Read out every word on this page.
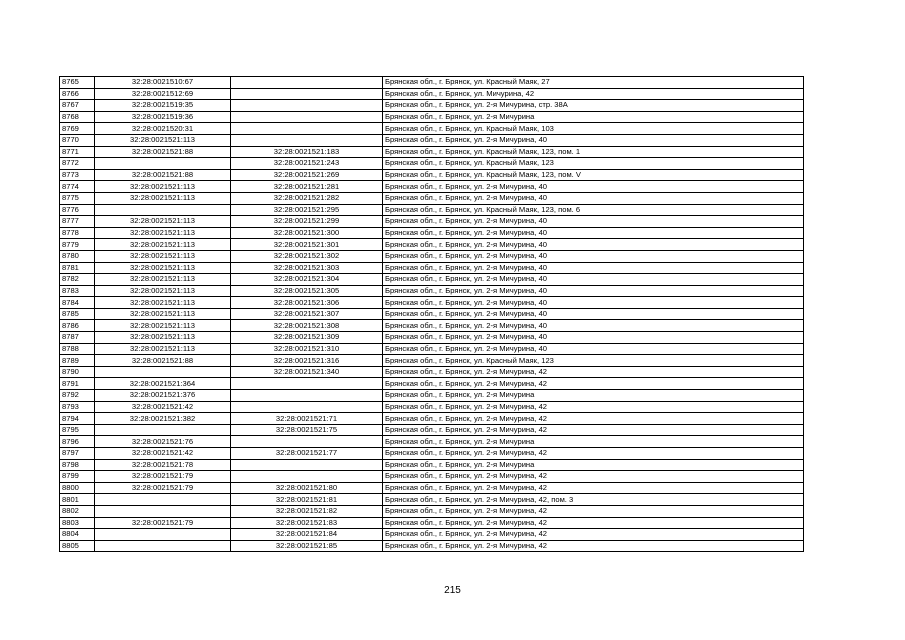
8765	32:28:0021510:67		Брянская обл., г. Брянск, ул. Красный Маяк, 27
8766	32:28:0021512:69		Брянская обл., г. Брянск, ул. Мичурина, 42
8767	32:28:0021519:35		Брянская обл., г. Брянск, ул. 2-я Мичурина, стр. 38А
8768	32:28:0021519:36		Брянская обл., г. Брянск, ул. 2-я Мичурина
8769	32:28:0021520:31		Брянская обл., г. Брянск, ул. Красный Маяк, 103
8770	32:28:0021521:113		Брянская обл., г. Брянск, ул. 2-я Мичурина, 40
8771	32:28:0021521:88	32:28:0021521:183	Брянская обл., г. Брянск, ул. Красный Маяк, 123, пом. 1
8772		32:28:0021521:243	Брянская обл., г. Брянск, ул. Красный Маяк, 123
8773	32:28:0021521:88	32:28:0021521:269	Брянская обл., г. Брянск, ул. Красный Маяк, 123, пом. V
8774	32:28:0021521:113	32:28:0021521:281	Брянская обл., г. Брянск, ул. 2-я Мичурина, 40
8775	32:28:0021521:113	32:28:0021521:282	Брянская обл., г. Брянск, ул. 2-я Мичурина, 40
8776		32:28:0021521:295	Брянская обл., г. Брянск, ул. Красный Маяк, 123, пом. 6
8777	32:28:0021521:113	32:28:0021521:299	Брянская обл., г. Брянск, ул. 2-я Мичурина, 40
8778	32:28:0021521:113	32:28:0021521:300	Брянская обл., г. Брянск, ул. 2-я Мичурина, 40
8779	32:28:0021521:113	32:28:0021521:301	Брянская обл., г. Брянск, ул. 2-я Мичурина, 40
8780	32:28:0021521:113	32:28:0021521:302	Брянская обл., г. Брянск, ул. 2-я Мичурина, 40
8781	32:28:0021521:113	32:28:0021521:303	Брянская обл., г. Брянск, ул. 2-я Мичурина, 40
8782	32:28:0021521:113	32:28:0021521:304	Брянская обл., г. Брянск, ул. 2-я Мичурина, 40
8783	32:28:0021521:113	32:28:0021521:305	Брянская обл., г. Брянск, ул. 2-я Мичурина, 40
8784	32:28:0021521:113	32:28:0021521:306	Брянская обл., г. Брянск, ул. 2-я Мичурина, 40
8785	32:28:0021521:113	32:28:0021521:307	Брянская обл., г. Брянск, ул. 2-я Мичурина, 40
8786	32:28:0021521:113	32:28:0021521:308	Брянская обл., г. Брянск, ул. 2-я Мичурина, 40
8787	32:28:0021521:113	32:28:0021521:309	Брянская обл., г. Брянск, ул. 2-я Мичурина, 40
8788	32:28:0021521:113	32:28:0021521:310	Брянская обл., г. Брянск, ул. 2-я Мичурина, 40
8789	32:28:0021521:88	32:28:0021521:316	Брянская обл., г. Брянск, ул. Красный Маяк, 123
8790		32:28:0021521:340	Брянская обл., г. Брянск, ул. 2-я Мичурина, 42
8791	32:28:0021521:364		Брянская обл., г. Брянск, ул. 2-я Мичурина, 42
8792	32:28:0021521:376		Брянская обл., г. Брянск, ул. 2-я Мичурина
8793	32:28:0021521:42		Брянская обл., г. Брянск, ул. 2-я Мичурина, 42
8794	32:28:0021521:382	32:28:0021521:71	Брянская обл., г. Брянск, ул. 2-я Мичурина, 42
8795		32:28:0021521:75	Брянская обл., г. Брянск, ул. 2-я Мичурина, 42
8796	32:28:0021521:76		Брянская обл., г. Брянск, ул. 2-я Мичурина
8797	32:28:0021521:42	32:28:0021521:77	Брянская обл., г. Брянск, ул. 2-я Мичурина, 42
8798	32:28:0021521:78		Брянская обл., г. Брянск, ул. 2-я Мичурина
8799	32:28:0021521:79		Брянская обл., г. Брянск, ул. 2-я Мичурина, 42
8800	32:28:0021521:79	32:28:0021521:80	Брянская обл., г. Брянск, ул. 2-я Мичурина, 42
8801		32:28:0021521:81	Брянская обл., г. Брянск, ул. 2-я Мичурина, 42, пом. 3
8802		32:28:0021521:82	Брянская обл., г. Брянск, ул. 2-я Мичурина, 42
8803	32:28:0021521:79	32:28:0021521:83	Брянская обл., г. Брянск, ул. 2-я Мичурина, 42
8804		32:28:0021521:84	Брянская обл., г. Брянск, ул. 2-я Мичурина, 42
8805		32:28:0021521:85	Брянская обл., г. Брянск, ул. 2-я Мичурина, 42
215
